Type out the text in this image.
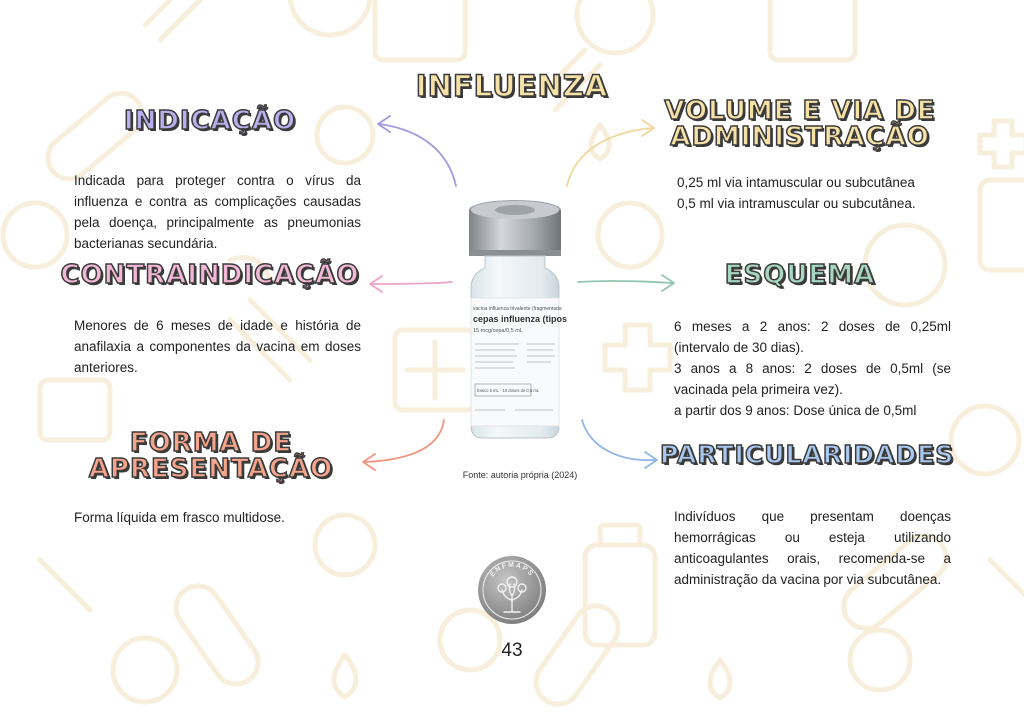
vacina influenza trivalente (fragmentada
cepas influenza (tipos
15 mcg/cepa/0,5 mL
frasco 5 mL · 10 doses de 0,5 mL
INFLUENZA
INDICAÇÃO	VOLUME E VIA DE ADMINISTRAÇÃO
CONTRAINDICAÇÃO	ESQUEMA
FORMA DE APRESENTAÇÃO	PARTICULARIDADES

Indicada para proteger contra o vírus da influenza e contra as complicações causadas pela doença, principalmente as pneumonias bacterianas secundária.

Menores de 6 meses de idade e história de anafilaxia a componentes da vacina em doses anteriores.

Forma líquida em frasco multidose.

0,25 ml via intamuscular ou subcutânea
0,5 ml via intramuscular ou subcutânea.
6 meses a 2 anos: 2 doses de 0,25ml (intervalo de 30 dias).
3 anos a 8 anos: 2 doses de 0,5ml (se vacinada pela primeira vez).
a partir dos 9 anos: Dose única de 0,5ml

Indivíduos que presentam doenças hemorrágicas ou esteja utilizando anticoagulantes orais, recomenda-se a administração da vacina por via subcutânea.

Fonte: autoria própria (2024)
ENFMAPS
43
